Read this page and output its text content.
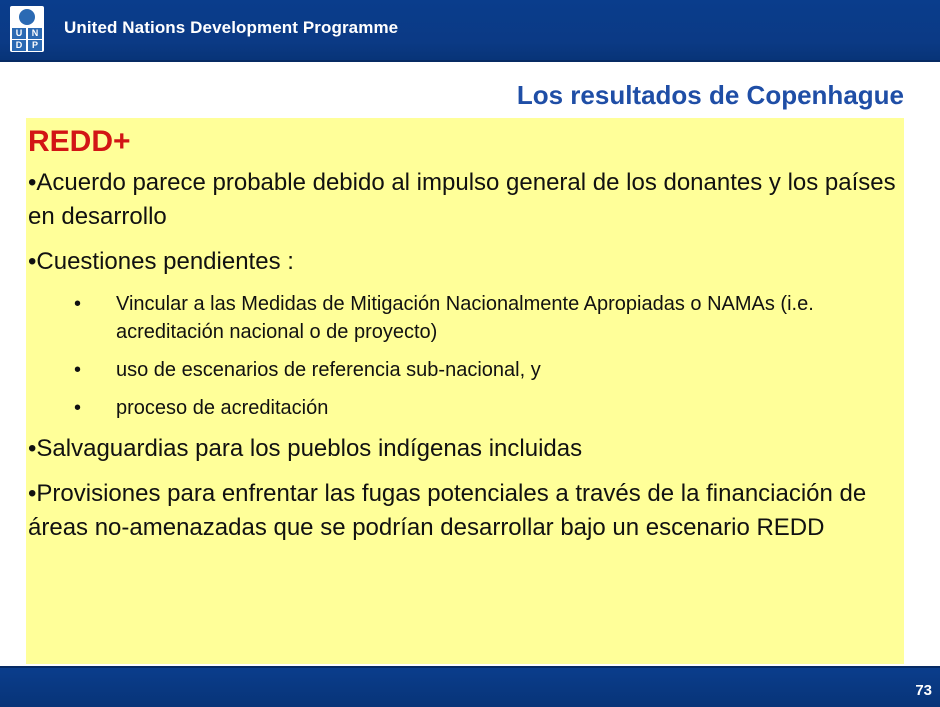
U	N
D	P
United Nations Development Programme
Los resultados de Copenhague
REDD+
•Acuerdo parece probable debido al impulso general de los donantes y los países en desarrollo
•Cuestiones pendientes :
• Vincular a las Medidas de Mitigación Nacionalmente Apropiadas o NAMAs (i.e. acreditación nacional o de proyecto)
• uso de escenarios de referencia sub-nacional, y
• proceso de acreditación
•Salvaguardias para los pueblos indígenas incluidas
•Provisiones para enfrentar las fugas potenciales a través de la financiación de áreas no-amenazadas que se podrían desarrollar bajo un escenario REDD
73
